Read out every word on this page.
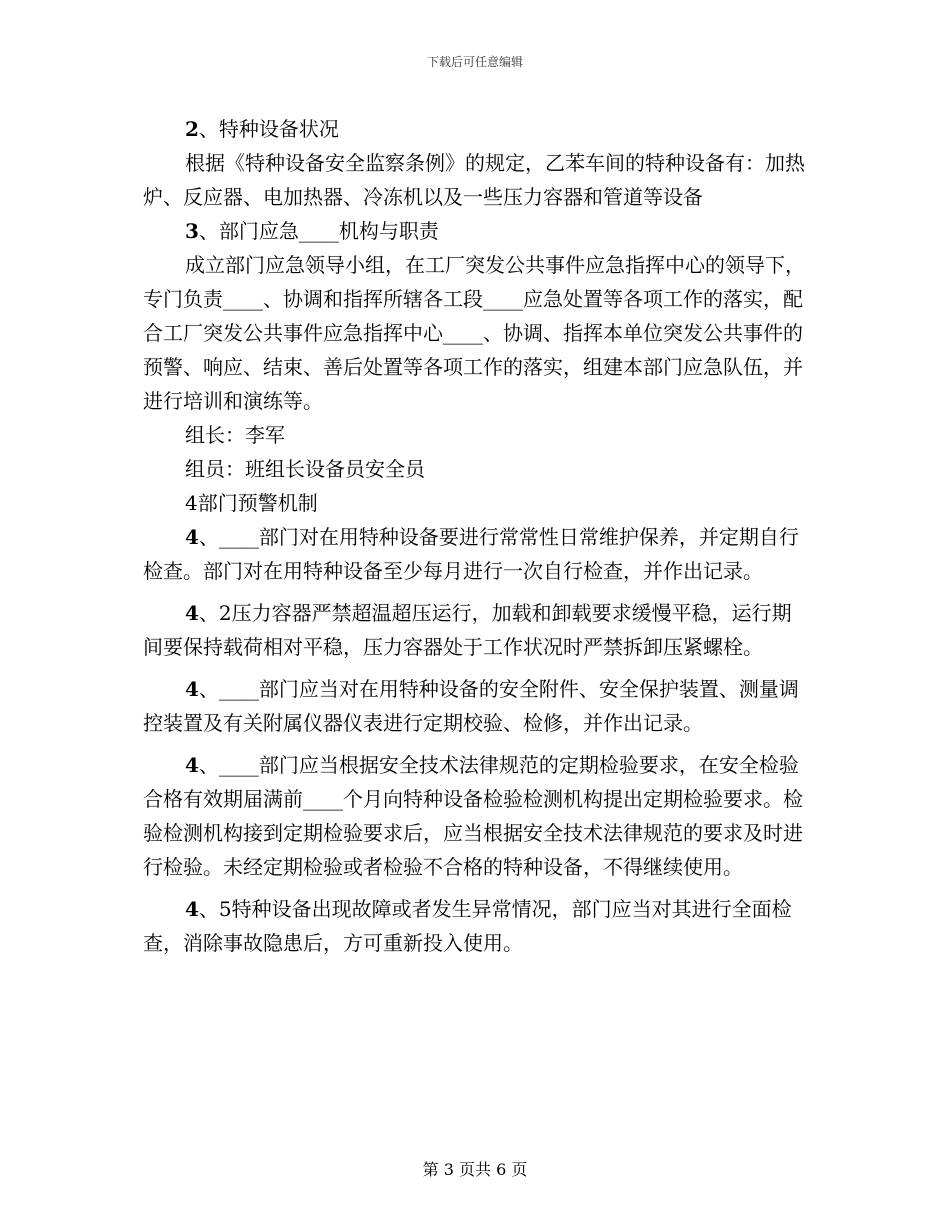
下载后可任意编辑

2、特种设备状况

根据《特种设备安全监察条例》的规定，乙苯车间的特种设备有：加热炉、反应器、电加热器、冷冻机以及一些压力容器和管道等设备

3、部门应急____机构与职责

成立部门应急领导小组，在工厂突发公共事件应急指挥中心的领导下，专门负责____、协调和指挥所辖各工段____应急处置等各项工作的落实，配合工厂突发公共事件应急指挥中心____、协调、指挥本单位突发公共事件的预警、响应、结束、善后处置等各项工作的落实，组建本部门应急队伍，并进行培训和演练等。

组长：李军

组员：班组长设备员安全员

4部门预警机制

4、____部门对在用特种设备要进行常常性日常维护保养，并定期自行检查。部门对在用特种设备至少每月进行一次自行检查，并作出记录。

4、2压力容器严禁超温超压运行，加载和卸载要求缓慢平稳，运行期间要保持载荷相对平稳，压力容器处于工作状况时严禁拆卸压紧螺栓。

4、____部门应当对在用特种设备的安全附件、安全保护装置、测量调控装置及有关附属仪器仪表进行定期校验、检修，并作出记录。

4、____部门应当根据安全技术法律规范的定期检验要求，在安全检验合格有效期届满前____个月向特种设备检验检测机构提出定期检验要求。检验检测机构接到定期检验要求后，应当根据安全技术法律规范的要求及时进行检验。未经定期检验或者检验不合格的特种设备，不得继续使用。

4、5特种设备出现故障或者发生异常情况，部门应当对其进行全面检查，消除事故隐患后，方可重新投入使用。

第 3 页共 6 页
